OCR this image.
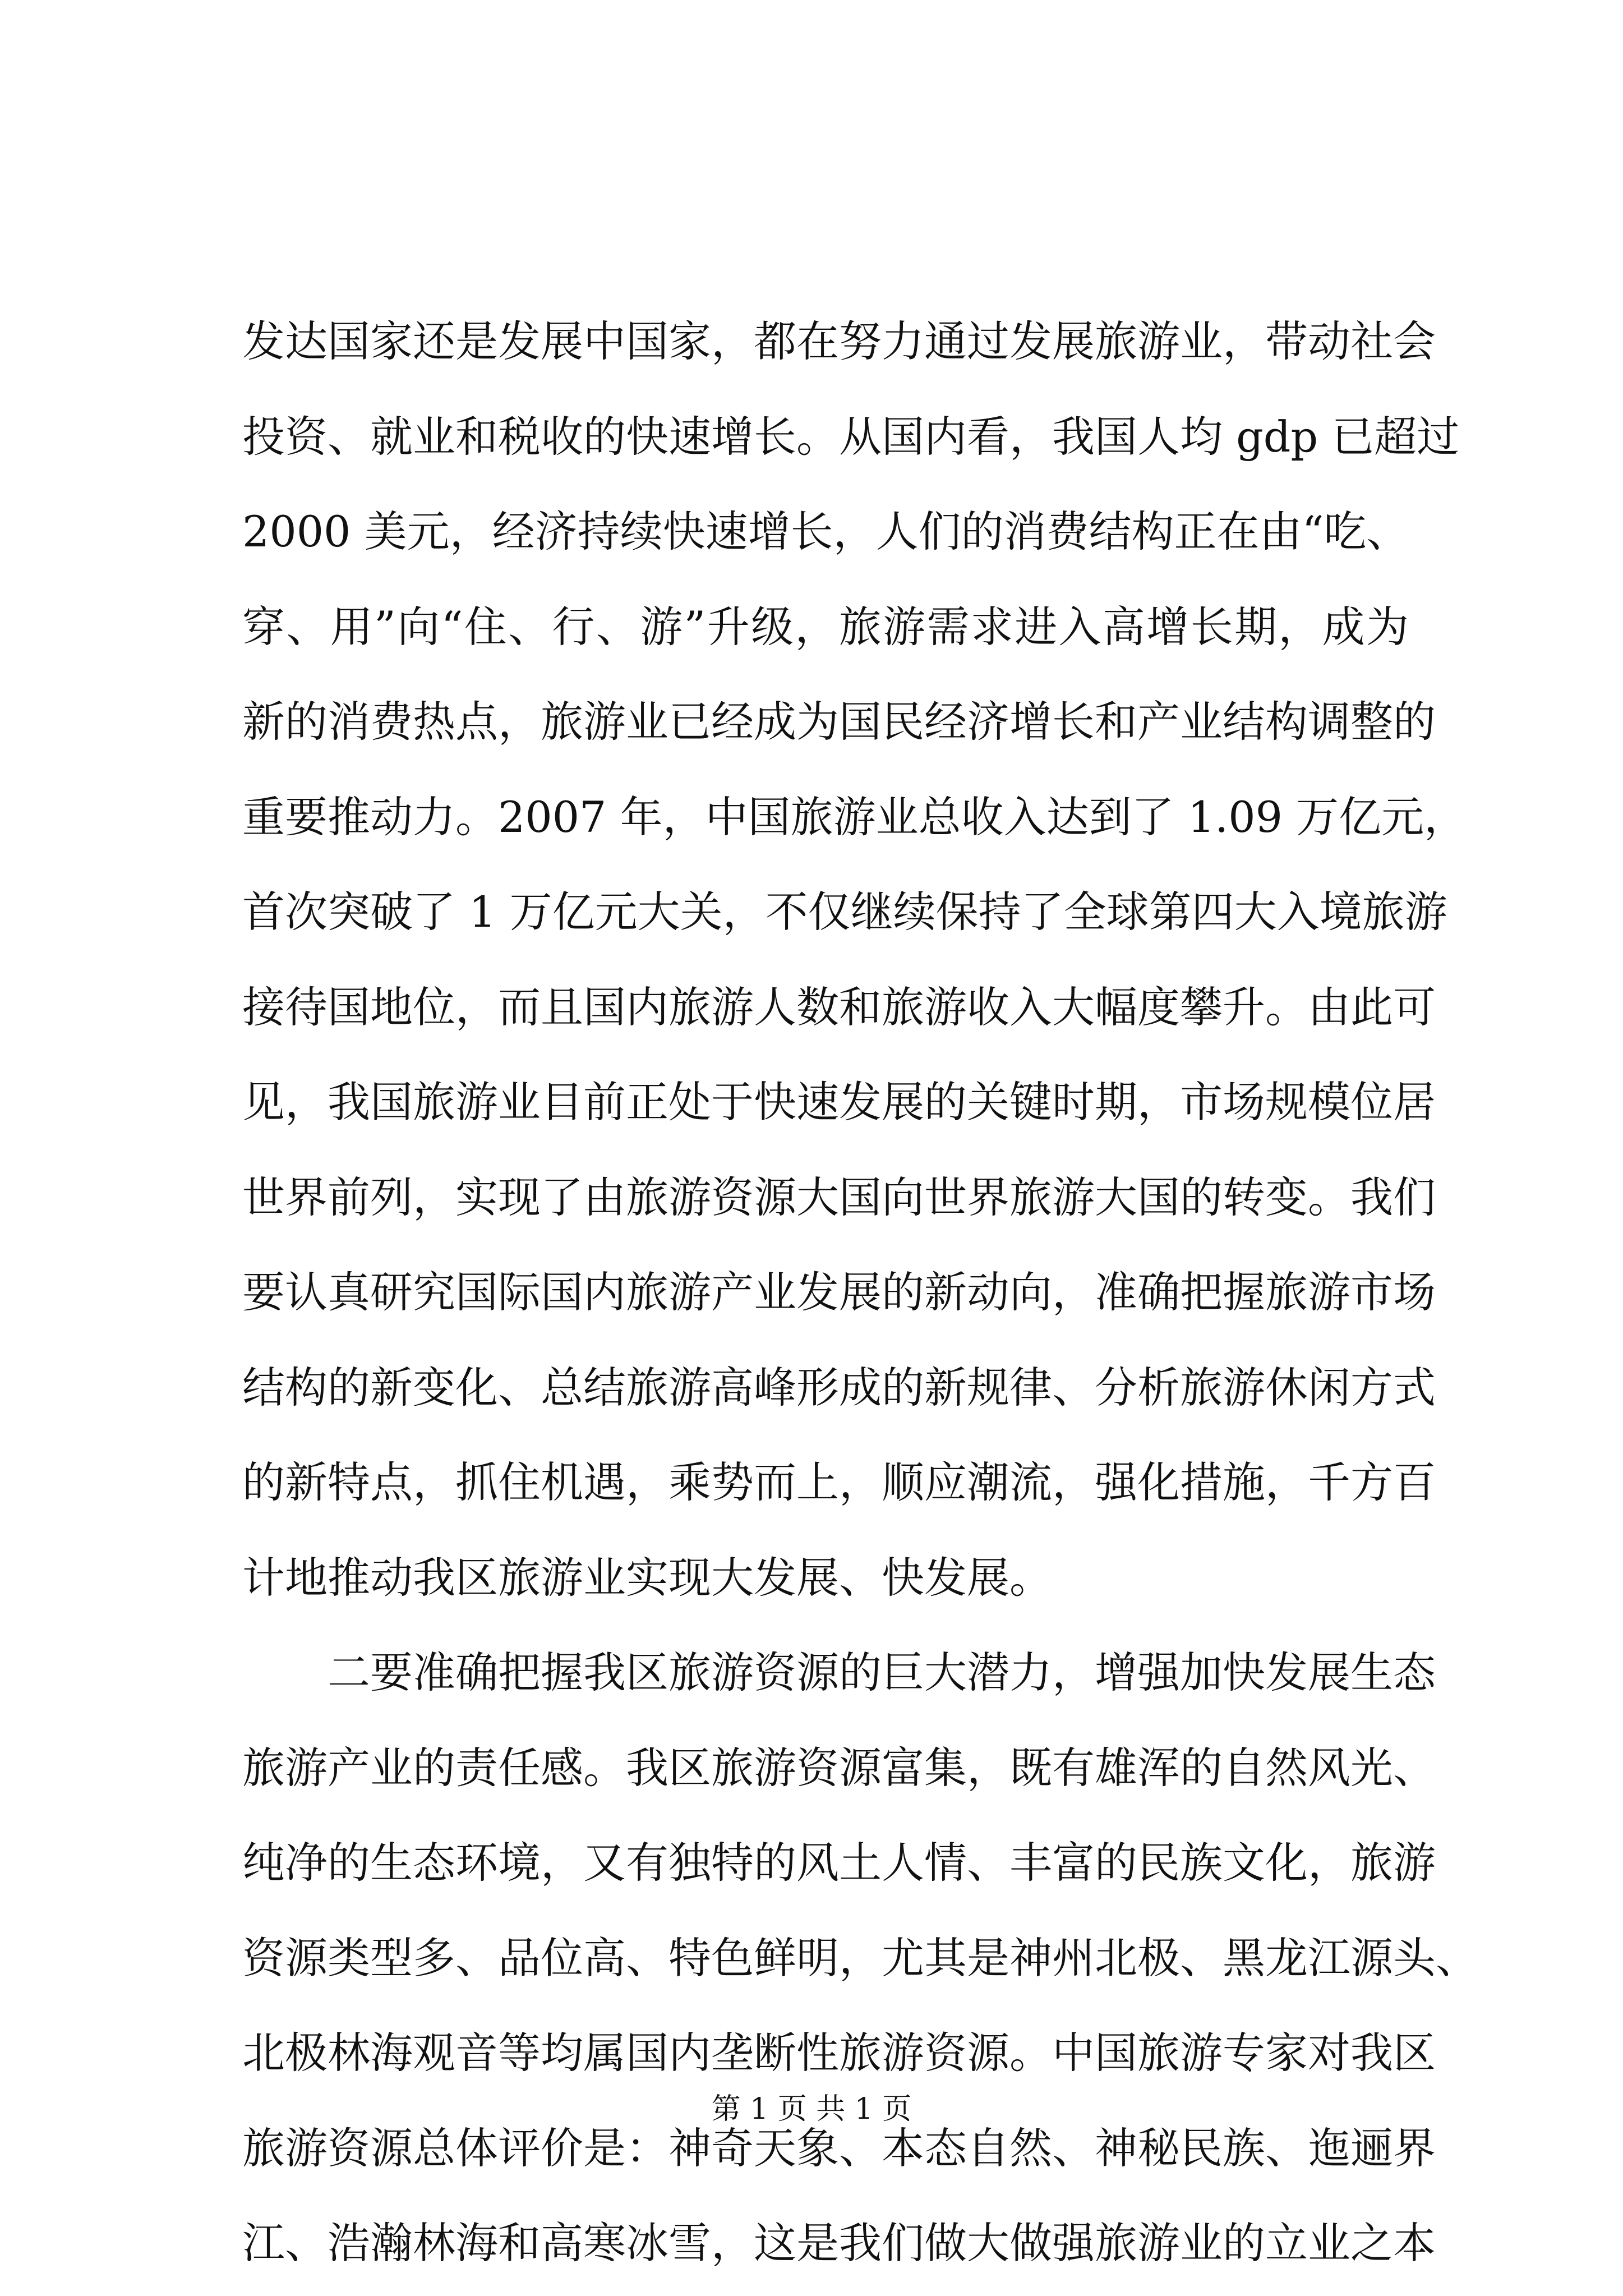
发达国家还是发展中国家，都在努力通过发展旅游业，带动社会
投资、就业和税收的快速增长。从国内看，我国人均 gdp 已超过
2000 美元，经济持续快速增长，人们的消费结构正在由“吃、
穿、用”向“住、行、游”升级，旅游需求进入高增长期，成为
新的消费热点，旅游业已经成为国民经济增长和产业结构调整的
重要推动力。2007 年，中国旅游业总收入达到了 1.09 万亿元，
首次突破了 1 万亿元大关，不仅继续保持了全球第四大入境旅游
接待国地位，而且国内旅游人数和旅游收入大幅度攀升。由此可
见，我国旅游业目前正处于快速发展的关键时期，市场规模位居
世界前列，实现了由旅游资源大国向世界旅游大国的转变。我们
要认真研究国际国内旅游产业发展的新动向，准确把握旅游市场
结构的新变化、总结旅游高峰形成的新规律、分析旅游休闲方式
的新特点，抓住机遇，乘势而上，顺应潮流，强化措施，千方百
计地推动我区旅游业实现大发展、快发展。
二要准确把握我区旅游资源的巨大潜力，增强加快发展生态
旅游产业的责任感。我区旅游资源富集，既有雄浑的自然风光、
纯净的生态环境，又有独特的风土人情、丰富的民族文化，旅游
资源类型多、品位高、特色鲜明，尤其是神州北极、黑龙江源头、
北极林海观音等均属国内垄断性旅游资源。中国旅游专家对我区
旅游资源总体评价是：神奇天象、本态自然、神秘民族、迤逦界
江、浩瀚林海和高寒冰雪，这是我们做大做强旅游业的立业之本
第 1 页 共 1 页
